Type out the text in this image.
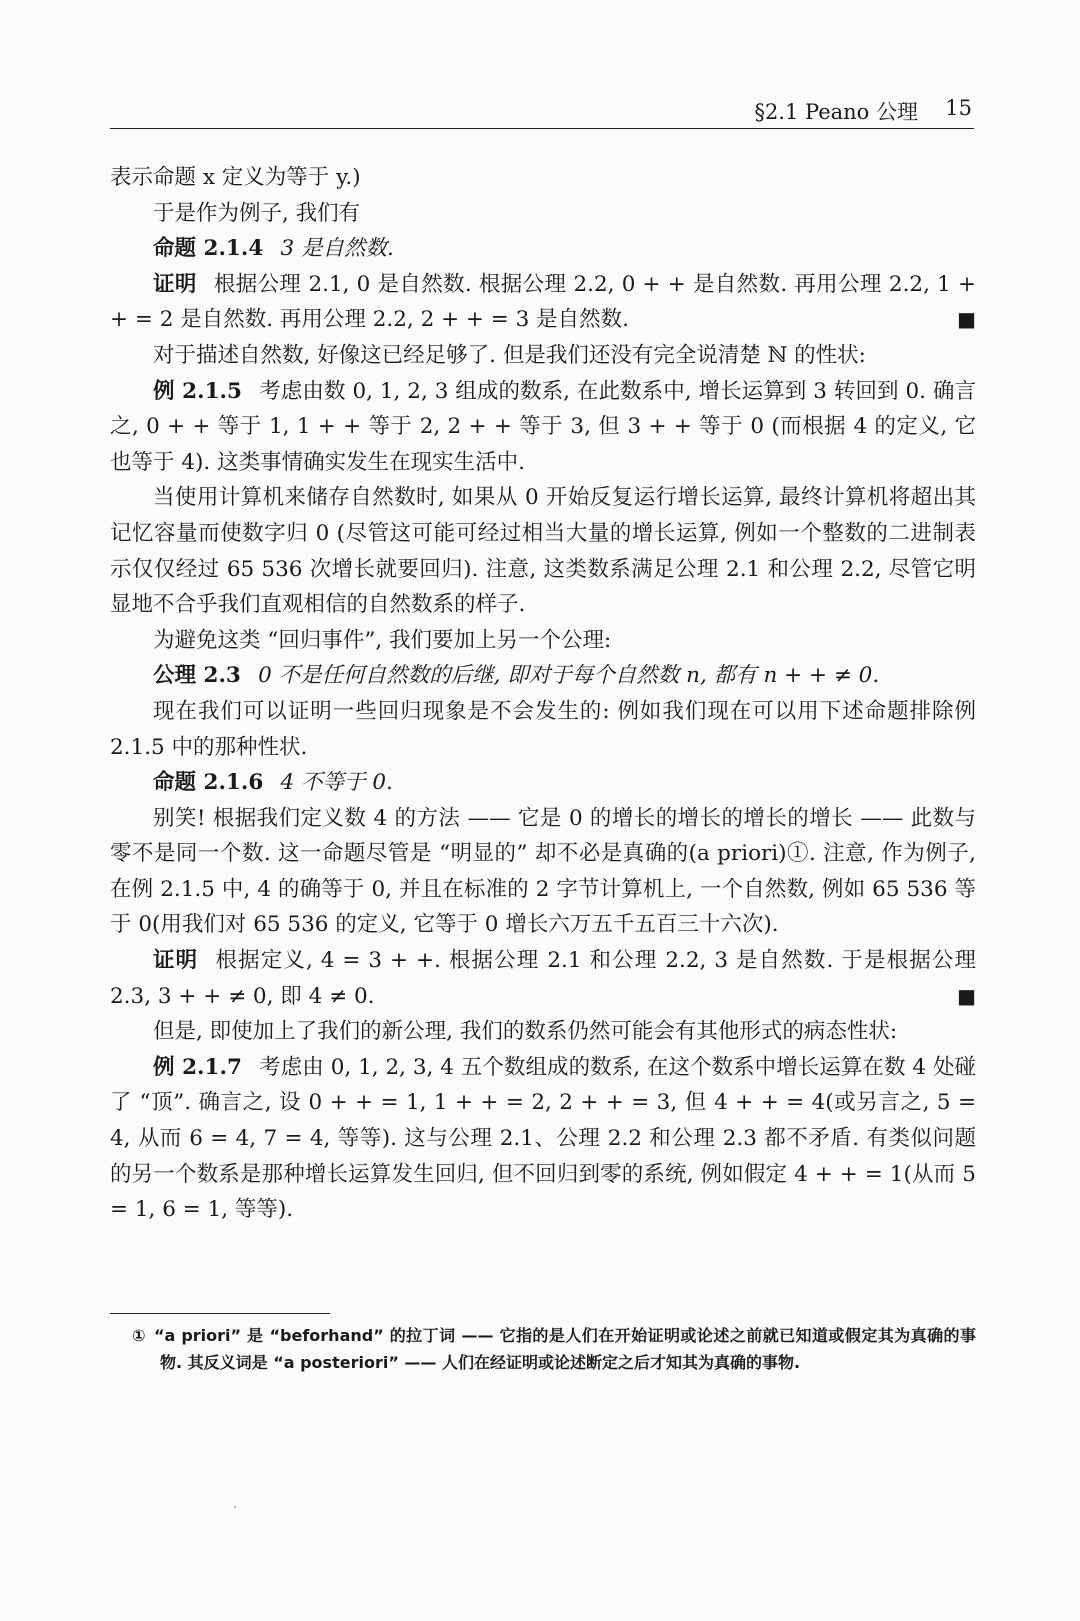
§2.1 Peano 公理 15

表示命题 x 定义为等于 y.)

于是作为例子, 我们有

命题 2.1.4 3 是自然数.

证明 根据公理 2.1, 0 是自然数. 根据公理 2.2, 0 + + 是自然数. 再用公理 2.2, 1 + + = 2 是自然数. 再用公理 2.2, 2 + + = 3 是自然数.	■

对于描述自然数, 好像这已经足够了. 但是我们还没有完全说清楚 ℕ 的性状:

例 2.1.5 考虑由数 0, 1, 2, 3 组成的数系, 在此数系中, 增长运算到 3 转回到 0. 确言之, 0 + + 等于 1, 1 + + 等于 2, 2 + + 等于 3, 但 3 + + 等于 0 (而根据 4 的定义, 它也等于 4). 这类事情确实发生在现实生活中.

当使用计算机来储存自然数时, 如果从 0 开始反复运行增长运算, 最终计算机将超出其记忆容量而使数字归 0 (尽管这可能可经过相当大量的增长运算, 例如一个整数的二进制表示仅仅经过 65 536 次增长就要回归). 注意, 这类数系满足公理 2.1 和公理 2.2, 尽管它明显地不合乎我们直观相信的自然数系的样子.

为避免这类 “回归事件”, 我们要加上另一个公理:

公理 2.3 0 不是任何自然数的后继, 即对于每个自然数 n, 都有 n + + ≠ 0.

现在我们可以证明一些回归现象是不会发生的: 例如我们现在可以用下述命题排除例 2.1.5 中的那种性状.

命题 2.1.6 4 不等于 0.

别笑! 根据我们定义数 4 的方法 —— 它是 0 的增长的增长的增长的增长 —— 此数与零不是同一个数. 这一命题尽管是 “明显的” 却不必是真确的(a priori)①. 注意, 作为例子, 在例 2.1.5 中, 4 的确等于 0, 并且在标准的 2 字节计算机上, 一个自然数, 例如 65 536 等于 0(用我们对 65 536 的定义, 它等于 0 增长六万五千五百三十六次).

证明 根据定义, 4 = 3 + +. 根据公理 2.1 和公理 2.2, 3 是自然数. 于是根据公理 2.3, 3 + + ≠ 0, 即 4 ≠ 0.	■

但是, 即使加上了我们的新公理, 我们的数系仍然可能会有其他形式的病态性状:

例 2.1.7 考虑由 0, 1, 2, 3, 4 五个数组成的数系, 在这个数系中增长运算在数 4 处碰了 “顶”. 确言之, 设 0 + + = 1, 1 + + = 2, 2 + + = 3, 但 4 + + = 4(或另言之, 5 = 4, 从而 6 = 4, 7 = 4, 等等). 这与公理 2.1、公理 2.2 和公理 2.3 都不矛盾. 有类似问题的另一个数系是那种增长运算发生回归, 但不回归到零的系统, 例如假定 4 + + = 1(从而 5 = 1, 6 = 1, 等等).

① “a priori” 是 “beforhand” 的拉丁词 —— 它指的是人们在开始证明或论述之前就已知道或假定其为真确的事物. 其反义词是 “a posteriori” —— 人们在经证明或论述断定之后才知其为真确的事物.
